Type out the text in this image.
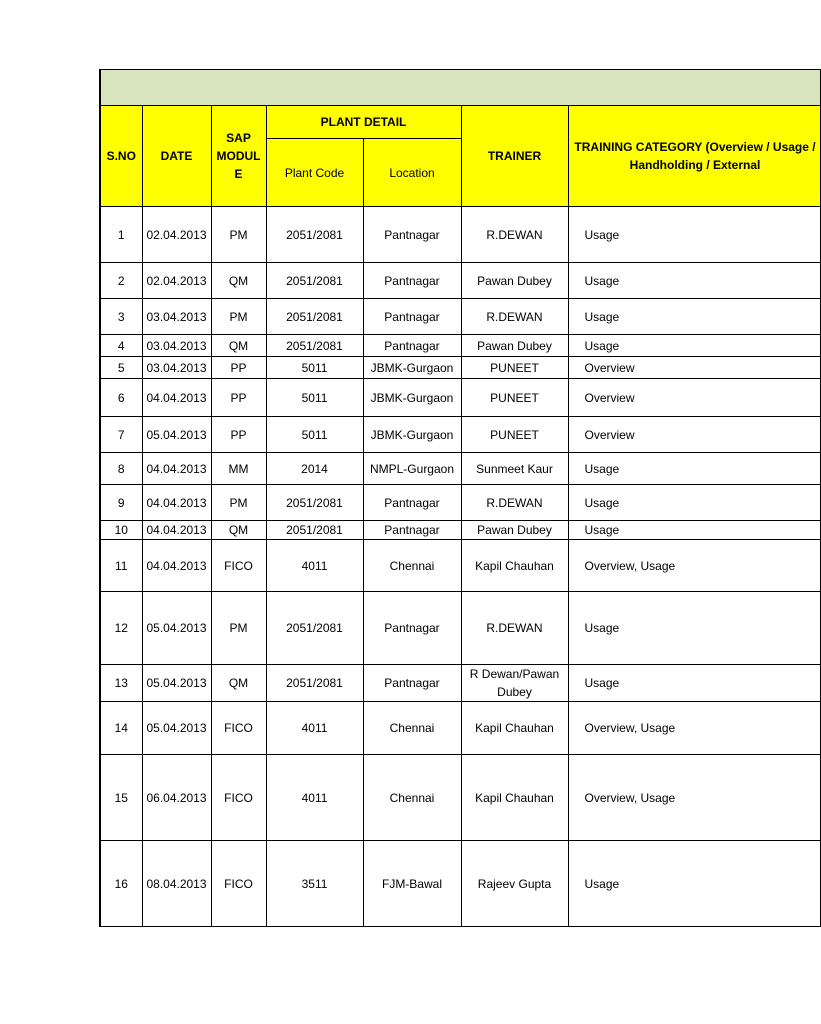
S.NO	DATE	SAP MODUL E	PLANT DETAIL		TRAINER	TRAINING CATEGORY (Overview / Usage / Handholding / External
			Plant Code	Location		
1	02.04.2013	PM	2051/2081	Pantnagar	R.DEWAN	Usage
2	02.04.2013	QM	2051/2081	Pantnagar	Pawan Dubey	Usage
3	03.04.2013	PM	2051/2081	Pantnagar	R.DEWAN	Usage
4	03.04.2013	QM	2051/2081	Pantnagar	Pawan Dubey	Usage
5	03.04.2013	PP	5011	JBMK-Gurgaon	PUNEET	Overview
6	04.04.2013	PP	5011	JBMK-Gurgaon	PUNEET	Overview
7	05.04.2013	PP	5011	JBMK-Gurgaon	PUNEET	Overview
8	04.04.2013	MM	2014	NMPL-Gurgaon	Sunmeet Kaur	Usage
9	04.04.2013	PM	2051/2081	Pantnagar	R.DEWAN	Usage
10	04.04.2013	QM	2051/2081	Pantnagar	Pawan Dubey	Usage
11	04.04.2013	FICO	4011	Chennai	Kapil Chauhan	Overview, Usage
12	05.04.2013	PM	2051/2081	Pantnagar	R.DEWAN	Usage
13	05.04.2013	QM	2051/2081	Pantnagar	R Dewan/Pawan Dubey	Usage
14	05.04.2013	FICO	4011	Chennai	Kapil Chauhan	Overview, Usage
15	06.04.2013	FICO	4011	Chennai	Kapil Chauhan	Overview, Usage
16	08.04.2013	FICO	3511	FJM-Bawal	Rajeev Gupta	Usage
